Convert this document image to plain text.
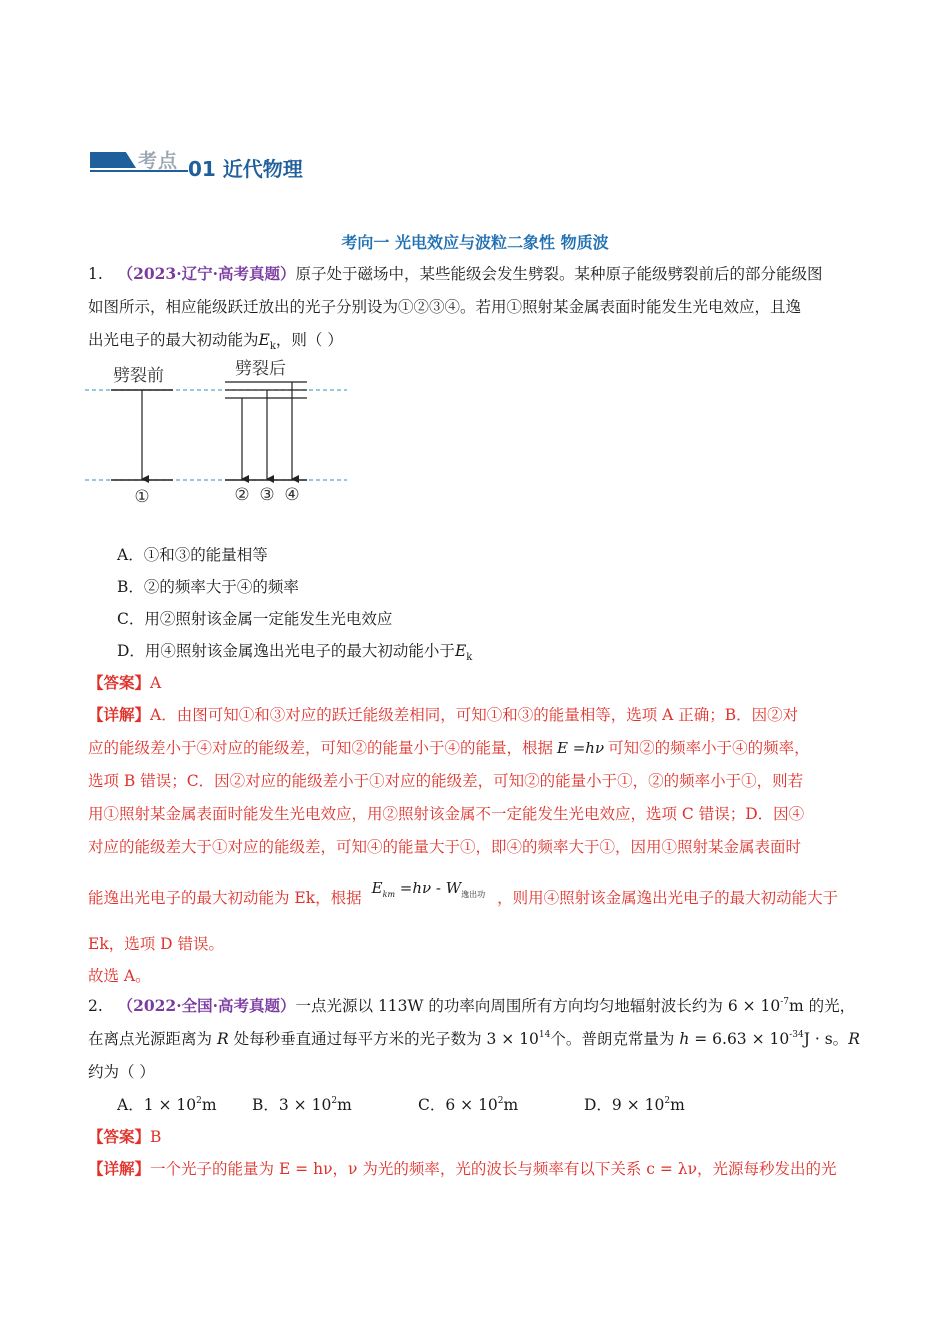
考点 01 近代物理
考向一 光电效应与波粒二象性 物质波
1. （2023·辽宁·高考真题）原子处于磁场中，某些能级会发生劈裂。某种原子能级劈裂前后的部分能级图
如图所示，相应能级跃迁放出的光子分别设为①②③④。若用①照射某金属表面时能发生光电效应，且逸
出光电子的最大初动能为$E_k$，则（ ）
劈裂前	劈裂后
①	② ③ ④
A．①和③的能量相等
B．②的频率大于④的频率
C．用②照射该金属一定能发生光电效应
D．用④照射该金属逸出光电子的最大初动能小于$E_k$
【答案】A
【详解】A．由图可知①和③对应的跃迁能级差相同，可知①和③的能量相等，选项 A 正确；B．因②对
应的能级差小于④对应的能级差，可知②的能量小于④的能量，根据 E =hν 可知②的频率小于④的频率，
选项 B 错误；C．因②对应的能级差小于①对应的能级差，可知②的能量小于①，②的频率小于①，则若
用①照射某金属表面时能发生光电效应，用②照射该金属不一定能发生光电效应，选项 C 错误；D．因④
对应的能级差大于①对应的能级差，可知④的能量大于①，即④的频率大于①，因用①照射某金属表面时
能逸出光电子的最大初动能为 Ek，根据$E_{km} =h\nu - W_{逸出功}$ ，则用④照射该金属逸出光电子的最大初动能大于
Ek，选项 D 错误。
故选 A。
2. （2022·全国·高考真题）一点光源以 113W 的功率向周围所有方向均匀地辐射波长约为 $6 \times 10^{-7}m$ 的光，
在离点光源距离为 R 处每秒垂直通过每平方米的光子数为 $3 \times 10^{14}$个。普朗克常量为 $h = 6.63 \times 10^{-34}J \cdot s$。R
约为（ ）
A．$1 \times 10^2m$ B．$3 \times 10^2m$	C．$6 \times 10^2m$	D．$9 \times 10^2m$
【答案】B
【详解】一个光子的能量为 E = hν，ν 为光的频率，光的波长与频率有以下关系 c = λν，光源每秒发出的光
